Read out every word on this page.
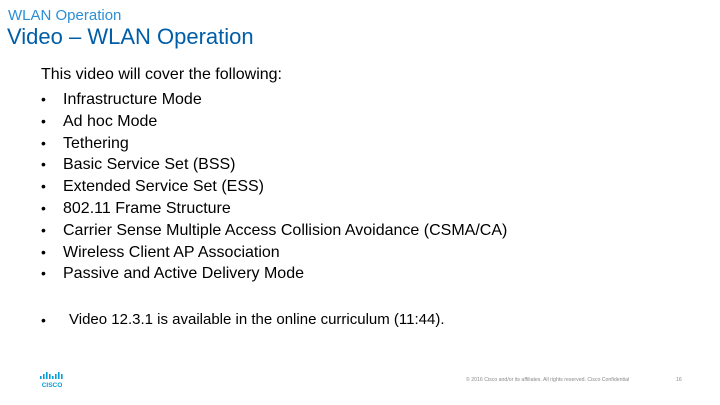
WLAN Operation
Video – WLAN Operation
This video will cover the following:
•	Infrastructure Mode
•	Ad hoc Mode
•	Tethering
•	Basic Service Set (BSS)
•	Extended Service Set (ESS)
•	802.11 Frame Structure
•	Carrier Sense Multiple Access Collision Avoidance (CSMA/CA)
•	Wireless Client AP Association
•	Passive and Active Delivery Mode
•	Video 12.3.1 is available in the online curriculum (11:44).
CISCO
© 2016 Cisco and/or its affiliates. All rights reserved. Cisco Confidential	16
